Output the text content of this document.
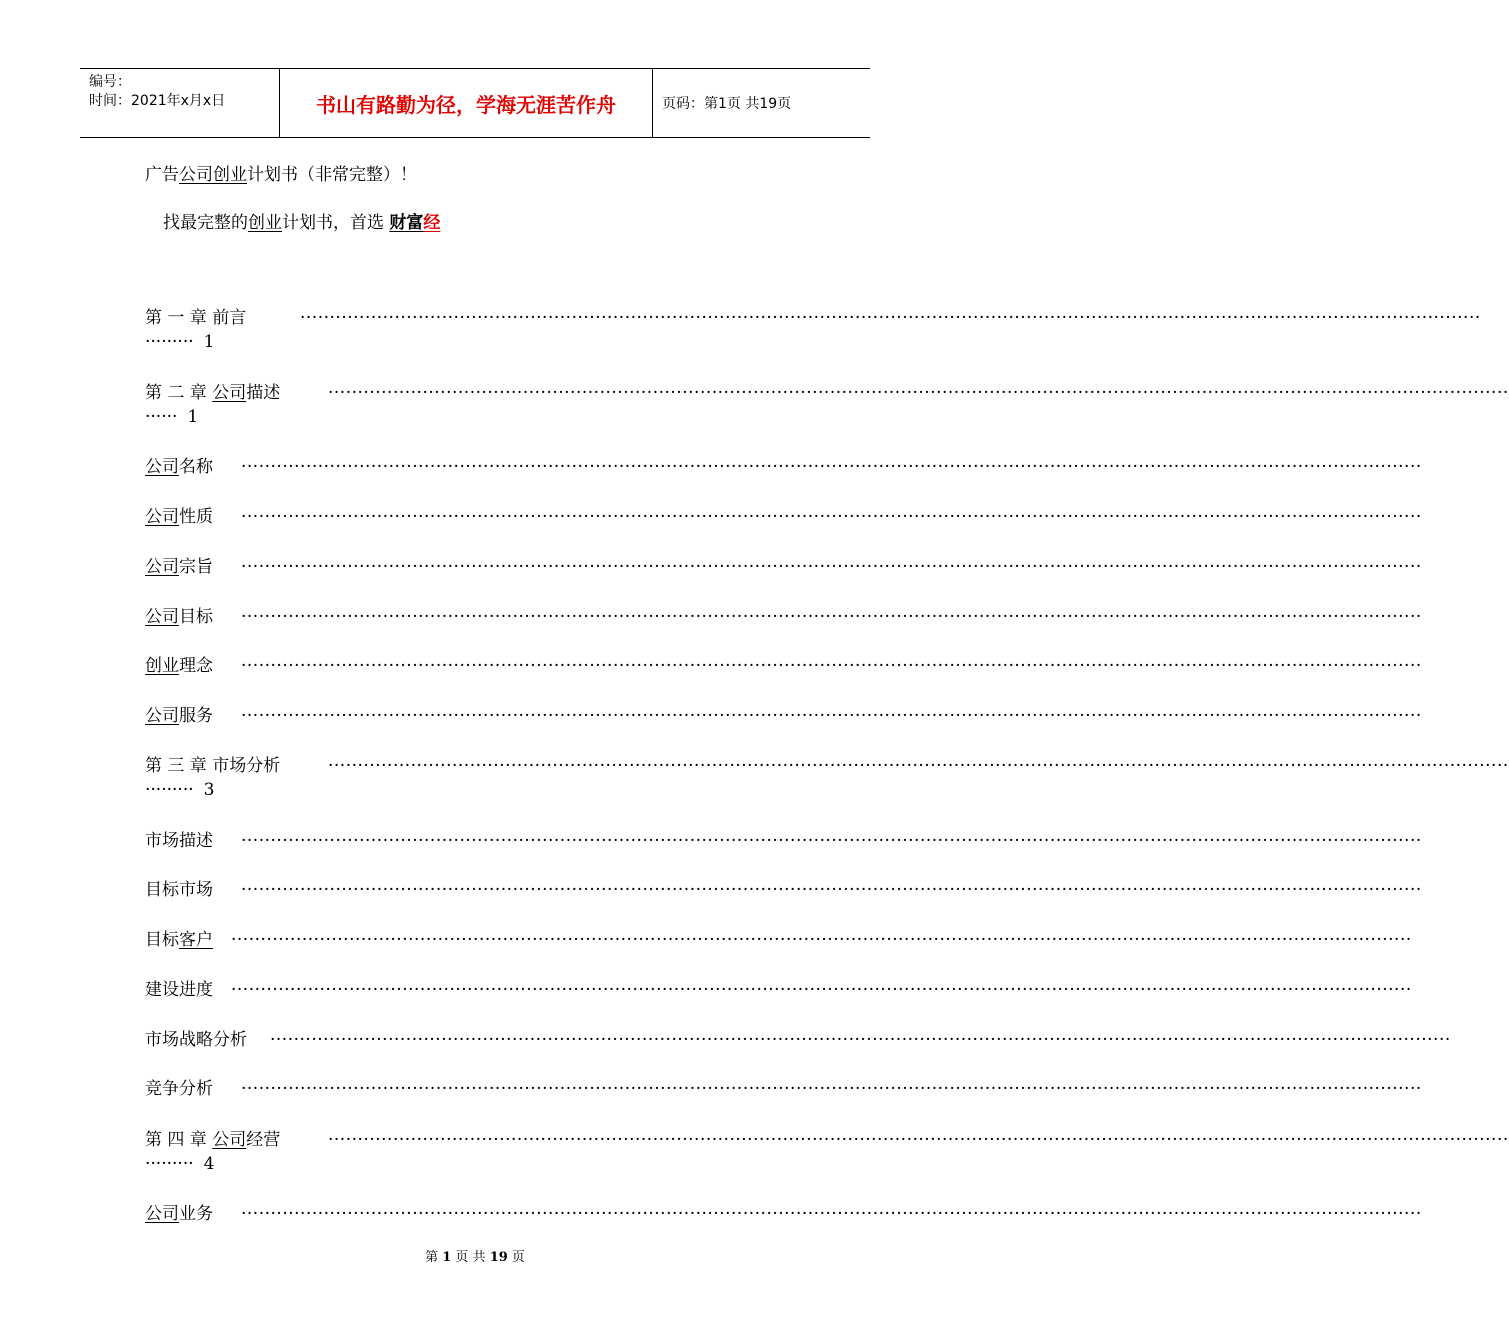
编号：
时间：2021年x月x日	书山有路勤为径，学海无涯苦作舟	页码：第1页 共19页
广告公司创业计划书（非常完整）！
找最完整的创业计划书，首选 财富经
第 一 章 前言	········································································································································································································
········· 1
第 二 章 公司描述	········································································································································································································
······ 1
公司名称 ········································································································································································································
公司性质 ········································································································································································································
公司宗旨 ········································································································································································································
公司目标 ········································································································································································································
创业理念 ········································································································································································································
公司服务 ········································································································································································································
第 三 章 市场分析	········································································································································································································
········· 3
市场描述 ········································································································································································································
目标市场 ········································································································································································································
目标客户 ········································································································································································································
建设进度 ········································································································································································································
市场战略分析 ········································································································································································································
竞争分析 ········································································································································································································
第 四 章 公司经营	········································································································································································································
········· 4
公司业务 ········································································································································································································
第 1 页 共 19 页
